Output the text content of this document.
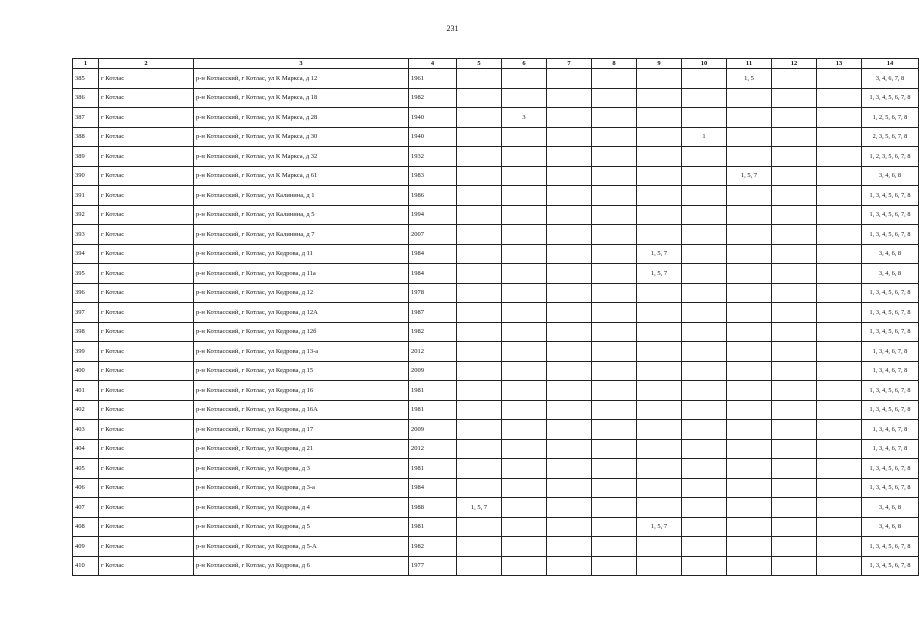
231
1	2	3	4	5	6	7	8	9	10	11	12	13	14
385	г Котлас	р-н Котласский, г Котлас, ул К Маркса, д 12	1961							1, 5			3, 4, 6, 7, 8
386	г Котлас	р-н Котласский, г Котлас, ул К Маркса, д 18	1982										1, 3, 4, 5, 6, 7, 8
387	г Котлас	р-н Котласский, г Котлас, ул К Маркса, д 28	1940		3								1, 2, 5, 6, 7, 8
388	г Котлас	р-н Котласский, г Котлас, ул К Маркса, д 30	1940						1				2, 3, 5, 6, 7, 8
389	г Котлас	р-н Котласский, г Котлас, ул К Маркса, д 32	1932										1, 2, 3, 5, 6, 7, 8
390	г Котлас	р-н Котласский, г Котлас, ул К Маркса, д 61	1983							1, 5, 7			3, 4, 6, 8
391	г Котлас	р-н Котласский, г Котлас, ул Калинина, д 1	1986										1, 3, 4, 5, 6, 7, 8
392	г Котлас	р-н Котласский, г Котлас, ул Калинина, д 5	1994										1, 3, 4, 5, 6, 7, 8
393	г Котлас	р-н Котласский, г Котлас, ул Калинина, д 7	2007										1, 3, 4, 5, 6, 7, 8
394	г Котлас	р-н Котласский, г Котлас, ул Кедрова, д 11	1984					1, 5, 7					3, 4, 6, 8
395	г Котлас	р-н Котласский, г Котлас, ул Кедрова, д 11а	1984					1, 5, 7					3, 4, 6, 8
396	г Котлас	р-н Котласский, г Котлас, ул Кедрова, д 12	1978										1, 3, 4, 5, 6, 7, 8
397	г Котлас	р-н Котласский, г Котлас, ул Кедрова, д 12А	1987										1, 3, 4, 5, 6, 7, 8
398	г Котлас	р-н Котласский, г Котлас, ул Кедрова, д 12б	1982										1, 3, 4, 5, 6, 7, 8
399	г Котлас	р-н Котласский, г Котлас, ул Кедрова, д 13-а	2012										1, 3, 4, 6, 7, 8
400	г Котлас	р-н Котласский, г Котлас, ул Кедрова, д 15	2009										1, 3, 4, 6, 7, 8
401	г Котлас	р-н Котласский, г Котлас, ул Кедрова, д 16	1981										1, 3, 4, 5, 6, 7, 8
402	г Котлас	р-н Котласский, г Котлас, ул Кедрова, д 16А	1981										1, 3, 4, 5, 6, 7, 8
403	г Котлас	р-н Котласский, г Котлас, ул Кедрова, д 17	2009										1, 3, 4, 6, 7, 8
404	г Котлас	р-н Котласский, г Котлас, ул Кедрова, д 21	2012										1, 3, 4, 6, 7, 8
405	г Котлас	р-н Котласский, г Котлас, ул Кедрова, д 3	1981										1, 3, 4, 5, 6, 7, 8
406	г Котлас	р-н Котласский, г Котлас, ул Кедрова, д 3-а	1984										1, 3, 4, 5, 6, 7, 8
407	г Котлас	р-н Котласский, г Котлас, ул Кедрова, д 4	1988	1, 5, 7									3, 4, 6, 8
408	г Котлас	р-н Котласский, г Котлас, ул Кедрова, д 5	1981					1, 5, 7					3, 4, 6, 8
409	г Котлас	р-н Котласский, г Котлас, ул Кедрова, д 5-А	1982										1, 3, 4, 5, 6, 7, 8
410	г Котлас	р-н Котласский, г Котлас, ул Кедрова, д 6	1977										1, 3, 4, 5, 6, 7, 8
